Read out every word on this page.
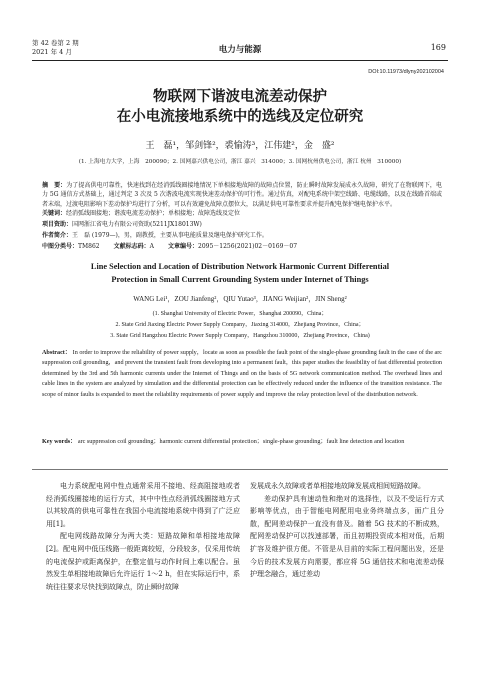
第 42 卷第 2 期
2021 年 4 月	电力与能源	169
DOI:10.11973/dlyny202102004
物联网下谐波电流差动保护
在小电流接地系统中的选线及定位研究
王　磊¹，邹剑锋²，裘愉涛³，江伟建²，金　盛²
(1. 上海电力大学，上海　200090；2. 国网嘉兴供电公司，浙江 嘉兴　314000；3. 国网杭州供电公司，浙江 杭州　310000)
摘　要：为了提高供电可靠性，快速找到在经消弧线圈接地情况下单相接地故障的故障点位置，防止瞬时故障发展成永久故障，研究了在物联网下，电力 5G 通信方式基础上，通过判定 3 次及 5 次谐波电流实现快速差动保护的可行性。通过仿真，对配电系统中架空线路、电缆线路，以及在线路首端或者末端，过渡电阻影响下差动保护均进行了分析，可以有效避免故障点摆位大，以满足供电可靠性要求并提升配电保护继电保护水平。
关键词：经消弧线圈接地；谐波电流差动保护；单相接地；故障选线及定位
项目资助：国网浙江省电力有限公司资助(5211JX18013W)
作者简介：王　磊 (1979—)，男，副教授，主要从事电能质量及继电保护研究工作。
中图分类号：TM862 文献标志码：A 文章编号：2095－1256(2021)02－0169－07
Line Selection and Location of Distribution Network Harmonic Current Differential
Protection in Small Current Grounding System under Internet of Things
WANG Lei¹，ZOU Jianfeng²，QIU Yutao³，JIANG Weijian²，JIN Sheng²
(1. Shanghai University of Electric Power，Shanghai 200090，China；
2. State Grid Jiaxing Electric Power Supply Company，Jiaxing 314000，Zhejiang Province，China；
3. State Grid Hangzhou Electric Power Supply Company，Hangzhou 310000，Zhejiang Province，China)
Abstract： In order to improve the reliability of power supply，locate as soon as possible the fault point of the single-phase grounding fault in the case of the arc suppression coil grounding，and prevent the transient fault from developing into a permanent fault，this paper studies the feasibility of fast differential protection determined by the 3rd and 5th harmonic currents under the Internet of Things and on the basis of 5G network communication method. The overhead lines and cable lines in the system are analyzed by simulation and the differential protection can be effectively reduced under the influence of the transition resistance. The scope of minor faults is expanded to meet the reliability requirements of power supply and improve the relay protection level of the distribution network.
Key words： arc suppression coil grounding；harmonic current differential protection；single-phase grounding；fault line detection and location

电力系统配电网中性点通常采用不接地、经高阻接地或者经消弧线圈接地的运行方式，其中中性点经消弧线圈接地方式以其较高的供电可靠性在我国小电流接地系统中得到了广泛应用[1]。

配电网线路故障分为两大类：短路故障和单相接地故障[2]。配电网中低压线路一般距离较短，分段较多，仅采用传统的电流保护或距离保护，在整定值与动作时间上难以配合。虽然发生单相接地故障后允许运行 1～2 h，但在实际运行中，系统往往要求尽快找到故障点，防止瞬时故障

发展成永久故障或者单相接地故障发展成相间短路故障。

差动保护具有速动性和绝对的选择性，以及不受运行方式影响等优点，由于智能电网配用电业务终端点多，面广且分散，配网差动保护一直没有普及。随着 5G 技术的不断成熟，配网差动保护可以找速部署，而且初期投资成本相对低，后期扩容及维护很方便。不管是从目前的实际工程问题出发，还是今后的技术发展方向需要，都应将 5G 通信技术和电流差动保护理念融合，通过差动
